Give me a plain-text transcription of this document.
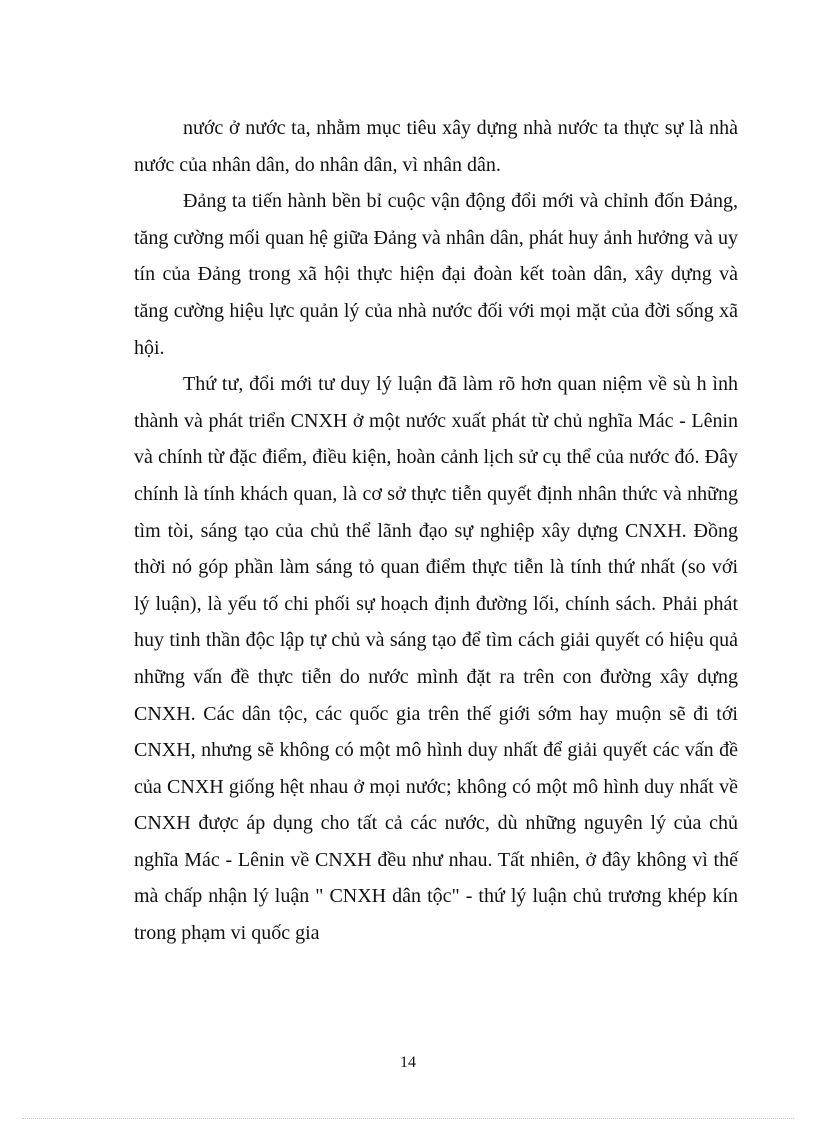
nước ở nước ta, nhằm mục tiêu xây dựng nhà nước ta thực sự là nhà nước của nhân dân, do nhân dân, vì nhân dân.

Đảng ta tiến hành bền bỉ cuộc vận động đổi mới và chỉnh đốn Đảng, tăng cường mối quan hệ giữa Đảng và nhân dân, phát huy ảnh hưởng và uy tín của Đảng trong xã hội thực hiện đại đoàn kết toàn dân, xây dựng và tăng cường hiệu lực quản lý của nhà nước đối với mọi mặt của đời sống xã hội.

Thứ tư, đổi mới tư duy lý luận đã làm rõ hơn quan niệm về sù h ình thành và phát triển CNXH ở một nước xuất phát từ chủ nghĩa Mác - Lênin và chính từ đặc điểm, điều kiện, hoàn cảnh lịch sử cụ thể của nước đó. Đây chính là tính khách quan, là cơ sở thực tiễn quyết định nhân thức và những tìm tòi, sáng tạo của chủ thể lãnh đạo sự nghiệp xây dựng CNXH. Đồng thời nó góp phần làm sáng tỏ quan điểm thực tiễn là tính thứ nhất (so với lý luận), là yếu tố chi phối sự hoạch định đường lối, chính sách. Phải phát huy tinh thần độc lập tự chủ và sáng tạo để tìm cách giải quyết có hiệu quả những vấn đề thực tiễn do nước mình đặt ra trên con đường xây dựng CNXH. Các dân tộc, các quốc gia trên thế giới sớm hay muộn sẽ đi tới CNXH, nhưng sẽ không có một mô hình duy nhất để giải quyết các vấn đề của CNXH giống hệt nhau ở mọi nước; không có một mô hình duy nhất về CNXH được áp dụng cho tất cả các nước, dù những nguyên lý của chủ nghĩa Mác - Lênin về CNXH đều như nhau. Tất nhiên, ở đây không vì thế mà chấp nhận lý luận " CNXH dân tộc" - thứ lý luận chủ trương khép kín trong phạm vi quốc gia

14
